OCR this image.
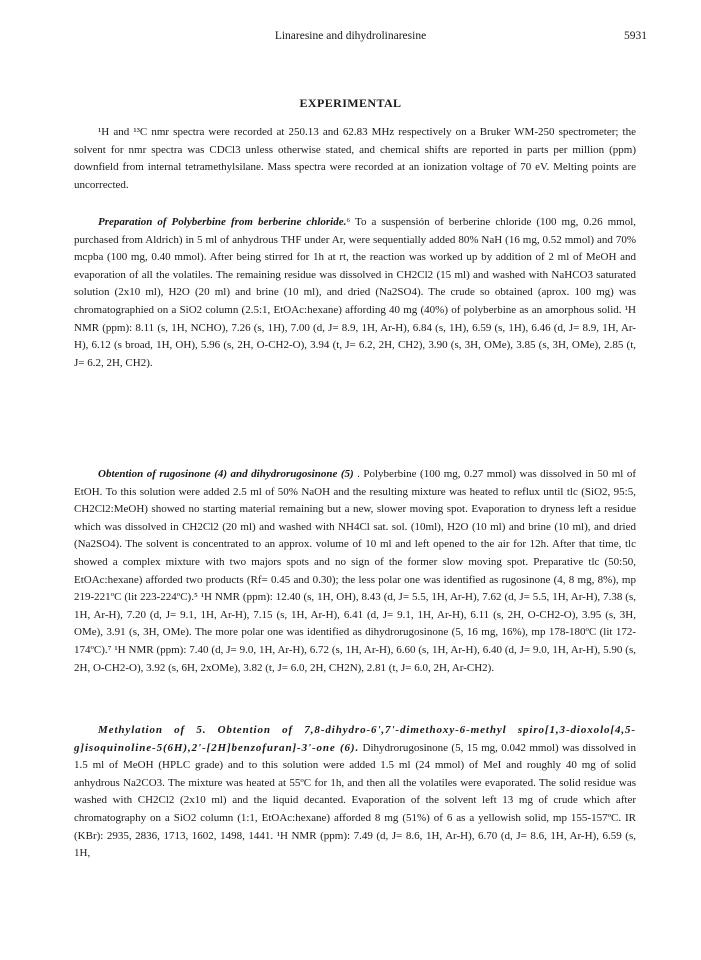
Linaresine and dihydrolinaresine	5931
EXPERIMENTAL

¹H and ¹³C nmr spectra were recorded at 250.13 and 62.83 MHz respectively on a Bruker WM-250 spectrometer; the solvent for nmr spectra was CDCl3 unless otherwise stated, and chemical shifts are reported in parts per million (ppm) downfield from internal tetramethylsilane. Mass spectra were recorded at an ionization voltage of 70 eV. Melting points are uncorrected.

Preparation of Polyberbine from berberine chloride.⁶ To a suspensión of berberine chloride (100 mg, 0.26 mmol, purchased from Aldrich) in 5 ml of anhydrous THF under Ar, were sequentially added 80% NaH (16 mg, 0.52 mmol) and 70% mcpba (100 mg, 0.40 mmol). After being stirred for 1h at rt, the reaction was worked up by addition of 2 ml of MeOH and evaporation of all the volatiles. The remaining residue was dissolved in CH2Cl2 (15 ml) and washed with NaHCO3 saturated solution (2x10 ml), H2O (20 ml) and brine (10 ml), and dried (Na2SO4). The crude so obtained (aprox. 100 mg) was chromatographied on a SiO2 column (2.5:1, EtOAc:hexane) affording 40 mg (40%) of polyberbine as an amorphous solid. ¹H NMR (ppm): 8.11 (s, 1H, NCHO), 7.26 (s, 1H), 7.00 (d, J= 8.9, 1H, Ar-H), 6.84 (s, 1H), 6.59 (s, 1H), 6.46 (d, J= 8.9, 1H, Ar-H), 6.12 (s broad, 1H, OH), 5.96 (s, 2H, O-CH2-O), 3.94 (t, J= 6.2, 2H, CH2), 3.90 (s, 3H, OMe), 3.85 (s, 3H, OMe), 2.85 (t, J= 6.2, 2H, CH2).

Obtention of rugosinone (4) and dihydrorugosinone (5) . Polyberbine (100 mg, 0.27 mmol) was dissolved in 50 ml of EtOH. To this solution were added 2.5 ml of 50% NaOH and the resulting mixture was heated to reflux until tlc (SiO2, 95:5, CH2Cl2:MeOH) showed no starting material remaining but a new, slower moving spot. Evaporation to dryness left a residue which was dissolved in CH2Cl2 (20 ml) and washed with NH4Cl sat. sol. (10ml), H2O (10 ml) and brine (10 ml), and dried (Na2SO4). The solvent is concentrated to an approx. volume of 10 ml and left opened to the air for 12h. After that time, tlc showed a complex mixture with two majors spots and no sign of the former slow moving spot. Preparative tlc (50:50, EtOAc:hexane) afforded two products (Rf= 0.45 and 0.30); the less polar one was identified as rugosinone (4, 8 mg, 8%), mp 219-221ºC (lit 223-224ºC).⁵ ¹H NMR (ppm): 12.40 (s, 1H, OH), 8.43 (d, J= 5.5, 1H, Ar-H), 7.62 (d, J= 5.5, 1H, Ar-H), 7.38 (s, 1H, Ar-H), 7.20 (d, J= 9.1, 1H, Ar-H), 7.15 (s, 1H, Ar-H), 6.41 (d, J= 9.1, 1H, Ar-H), 6.11 (s, 2H, O-CH2-O), 3.95 (s, 3H, OMe), 3.91 (s, 3H, OMe). The more polar one was identified as dihydrorugosinone (5, 16 mg, 16%), mp 178-180ºC (lit 172-174ºC).⁷ ¹H NMR (ppm): 7.40 (d, J= 9.0, 1H, Ar-H), 6.72 (s, 1H, Ar-H), 6.60 (s, 1H, Ar-H), 6.40 (d, J= 9.0, 1H, Ar-H), 5.90 (s, 2H, O-CH2-O), 3.92 (s, 6H, 2xOMe), 3.82 (t, J= 6.0, 2H, CH2N), 2.81 (t, J= 6.0, 2H, Ar-CH2).

Methylation of 5. Obtention of 7,8-dihydro-6',7'-dimethoxy-6-methyl spiro[1,3-dioxolo[4,5-g]isoquinoline-5(6H),2'-[2H]benzofuran]-3'-one (6). Dihydrorugosinone (5, 15 mg, 0.042 mmol) was dissolved in 1.5 ml of MeOH (HPLC grade) and to this solution were added 1.5 ml (24 mmol) of MeI and roughly 40 mg of solid anhydrous Na2CO3. The mixture was heated at 55ºC for 1h, and then all the volatiles were evaporated. The solid residue was washed with CH2Cl2 (2x10 ml) and the liquid decanted. Evaporation of the solvent left 13 mg of crude which after chromatography on a SiO2 column (1:1, EtOAc:hexane) afforded 8 mg (51%) of 6 as a yellowish solid, mp 155-157ºC. IR (KBr): 2935, 2836, 1713, 1602, 1498, 1441. ¹H NMR (ppm): 7.49 (d, J= 8.6, 1H, Ar-H), 6.70 (d, J= 8.6, 1H, Ar-H), 6.59 (s, 1H,
